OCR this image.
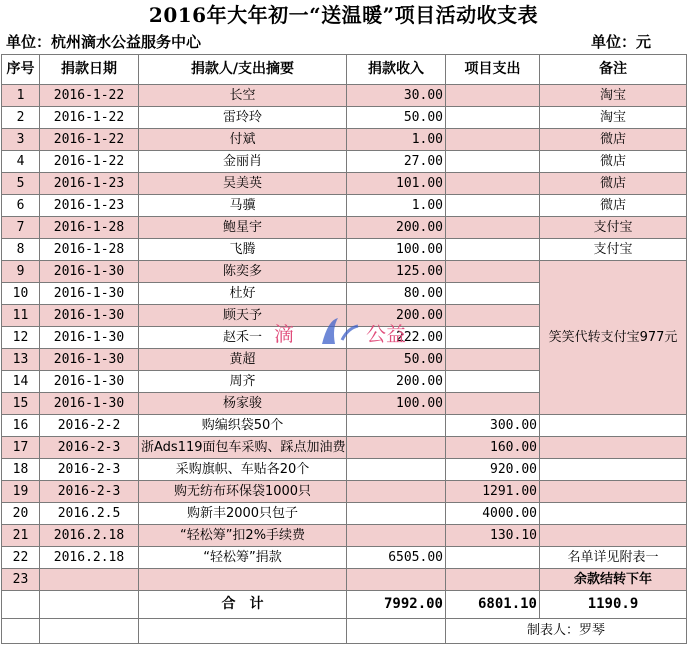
2016年大年初一“送温暖”项目活动收支表
单位：杭州滴水公益服务中心	单位：元
序号	捐款日期	捐款人/支出摘要	捐款收入	项目支出	备注
1	2016-1-22	长空	30.00		淘宝
2	2016-1-22	雷玲玲	50.00		淘宝
3	2016-1-22	付斌	1.00		微店
4	2016-1-22	金丽肖	27.00		微店
5	2016-1-23	吴美英	101.00		微店
6	2016-1-23	马骥	1.00		微店
7	2016-1-28	鲍星宇	200.00		支付宝
8	2016-1-28	飞腾	100.00		支付宝
9	2016-1-30	陈奕多	125.00		笑笑代转支付宝977元
10	2016-1-30	杜好	80.00		
11	2016-1-30	顾天予	200.00		
12	2016-1-30	赵禾一	222.00		
13	2016-1-30	黄超	50.00		
14	2016-1-30	周齐	200.00		
15	2016-1-30	杨家骏	100.00		
16	2016-2-2	购编织袋50个		300.00	
17	2016-2-3	浙Ads119面包车采购、踩点加油费		160.00	
18	2016-2-3	采购旗帜、车贴各20个		920.00	
19	2016-2-3	购无纺布环保袋1000只		1291.00	
20	2016.2.5	购新丰2000只包子		4000.00	
21	2016.2.18	“轻松筹”扣2%手续费		130.10	
22	2016.2.18	“轻松筹”捐款	6505.00		名单详见附表一
23					余款结转下年
		合　计	7992.00	6801.10	1190.9
				制表人：罗琴	
滴	公益
